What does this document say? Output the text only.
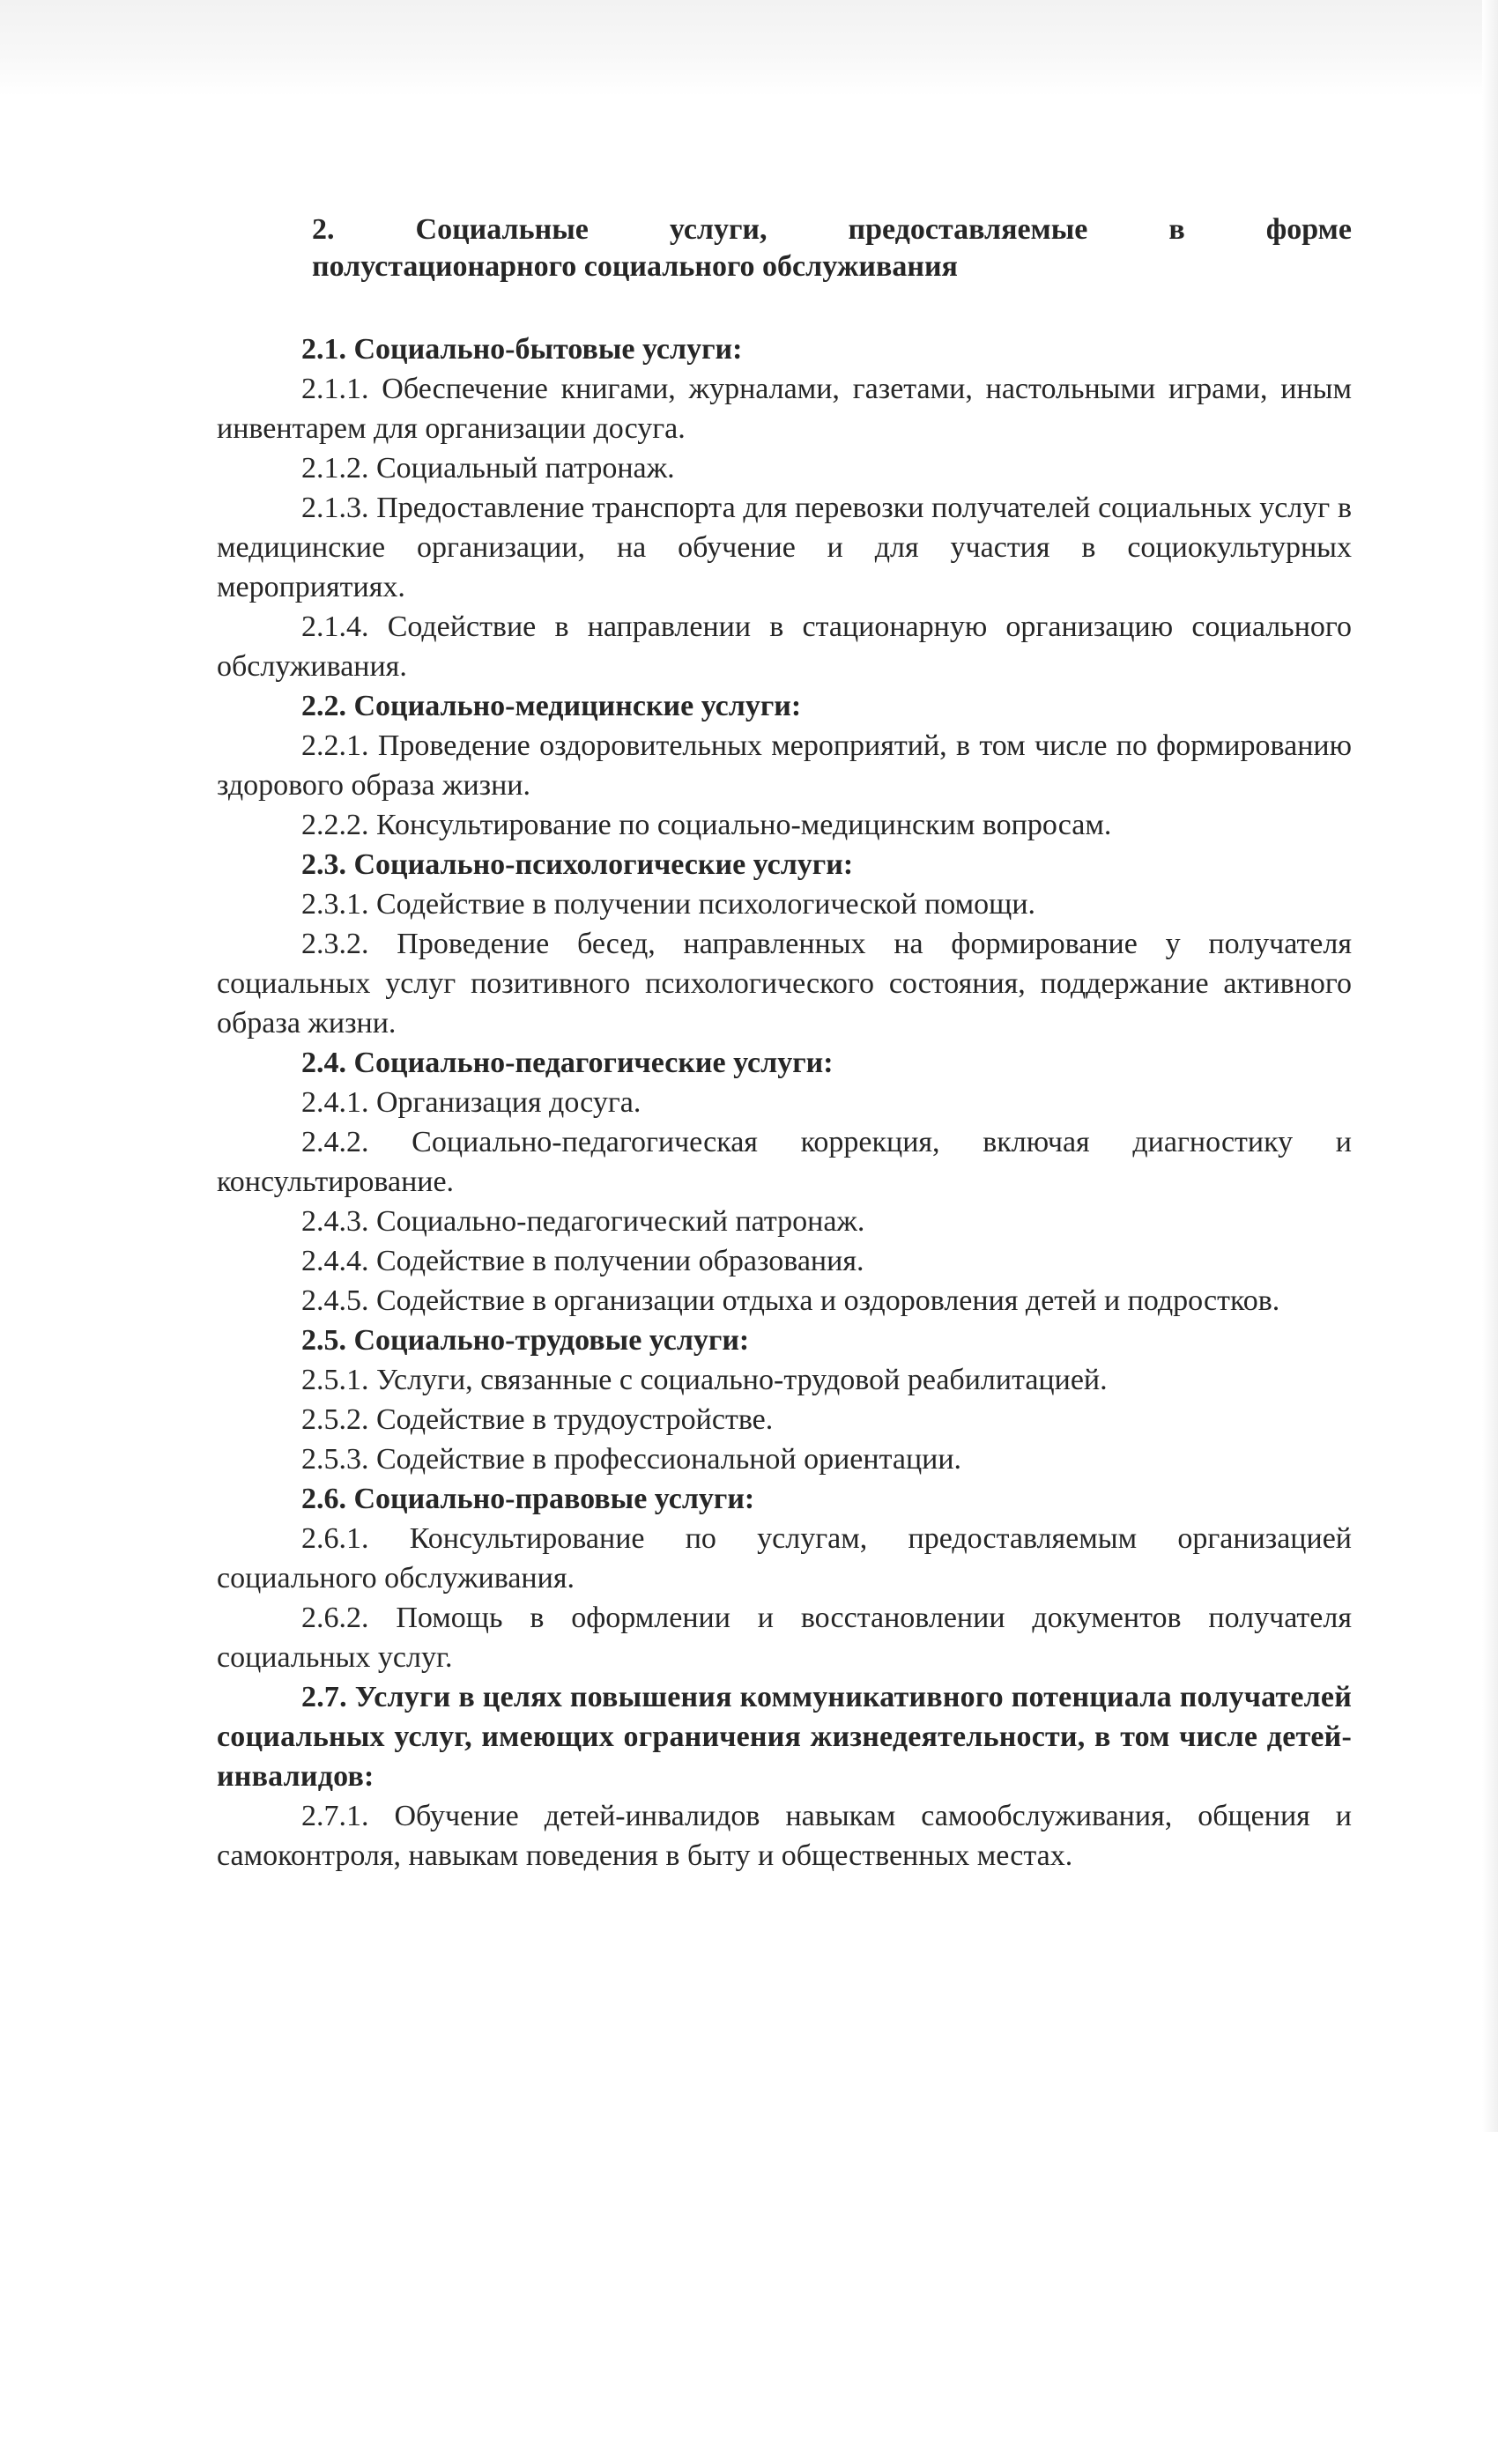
2.	Социальные	услуги,	предоставляемые	в	форме
полустационарного социального обслуживания

2.1. Социально-бытовые услуги:

2.1.1. Обеспечение книгами, журналами, газетами, настольными играми, иным инвентарем для организации досуга.

2.1.2. Социальный патронаж.

2.1.3. Предоставление транспорта для перевозки получателей социальных услуг в медицинские организации, на обучение и для участия в социокультурных мероприятиях.

2.1.4. Содействие в направлении в стационарную организацию социального обслуживания.

2.2. Социально-медицинские услуги:

2.2.1. Проведение оздоровительных мероприятий, в том числе по формированию здорового образа жизни.

2.2.2. Консультирование по социально-медицинским вопросам.

2.3. Социально-психологические услуги:

2.3.1. Содействие в получении психологической помощи.

2.3.2. Проведение бесед, направленных на формирование у получателя социальных услуг позитивного психологического состояния, поддержание активного образа жизни.

2.4. Социально-педагогические услуги:

2.4.1. Организация досуга.

2.4.2. Социально-педагогическая коррекция, включая диагностику и консультирование.

2.4.3. Социально-педагогический патронаж.

2.4.4. Содействие в получении образования.

2.4.5. Содействие в организации отдыха и оздоровления детей и подростков.

2.5. Социально-трудовые услуги:

2.5.1. Услуги, связанные с социально-трудовой реабилитацией.

2.5.2. Содействие в трудоустройстве.

2.5.3. Содействие в профессиональной ориентации.

2.6. Социально-правовые услуги:

2.6.1. Консультирование по услугам, предоставляемым организацией социального обслуживания.

2.6.2. Помощь в оформлении и восстановлении документов получателя социальных услуг.

2.7. Услуги в целях повышения коммуникативного потенциала получателей социальных услуг, имеющих ограничения жизнедеятельности, в том числе детей-инвалидов:

2.7.1. Обучение детей-инвалидов навыкам самообслуживания, общения и самоконтроля, навыкам поведения в быту и общественных местах.
